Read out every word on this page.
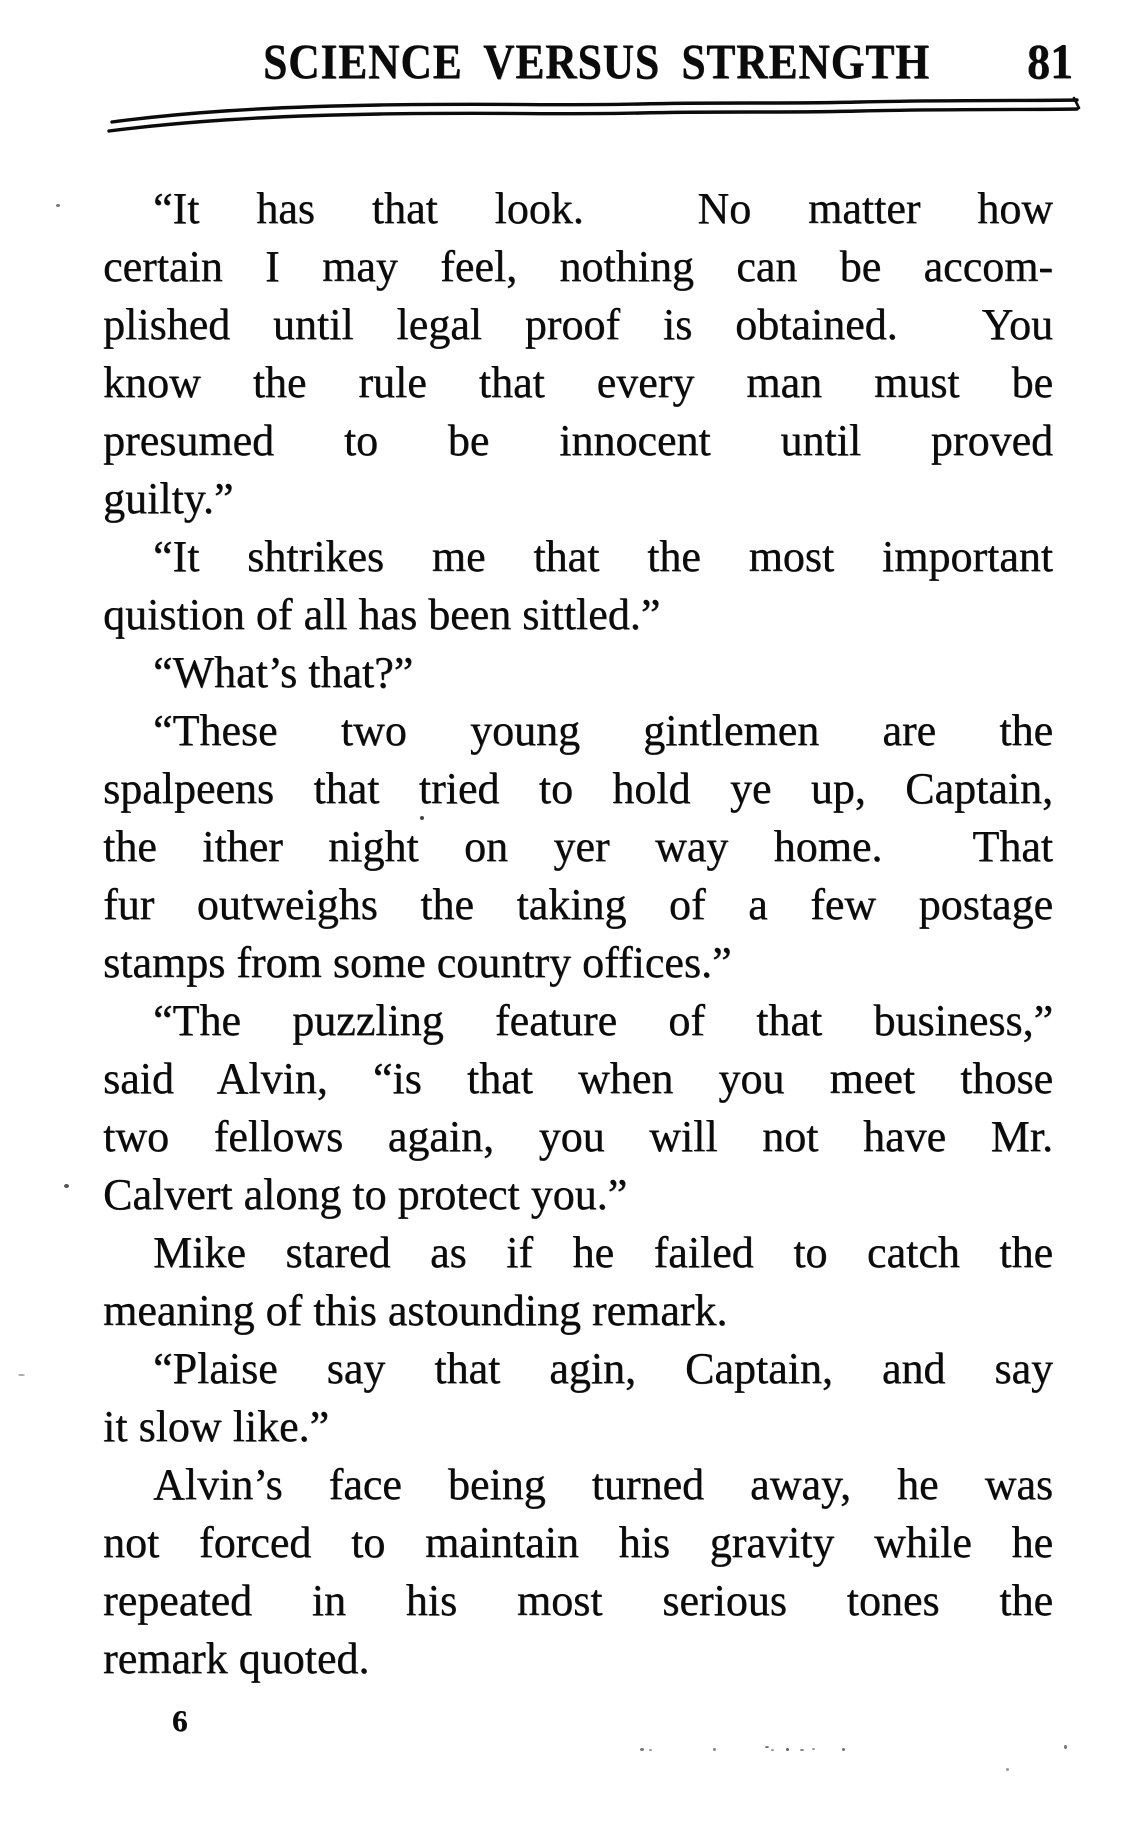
SCIENCE VERSUS STRENGTH 81
“It has that look.  No matter how
certain I may feel, nothing can be accom-
plished until legal proof is obtained.  You
know the rule that every man must be
presumed to be innocent until proved
guilty.”
“It shtrikes me that the most important
quistion of all has been sittled.”
“What’s that?”
“These two young gintlemen are the
spalpeens that tried to hold ye up, Captain,
the ither night on yer way home.  That
fur outweighs the taking of a few postage
stamps from some country offices.”
“The puzzling feature of that business,”
said Alvin, “is that when you meet those
two fellows again, you will not have Mr.
Calvert along to protect you.”
Mike stared as if he failed to catch the
meaning of this astounding remark.
“Plaise say that agin, Captain, and say
it slow like.”
Alvin’s face being turned away, he was
not forced to maintain his gravity while he
repeated in his most serious tones the
remark quoted.
6
